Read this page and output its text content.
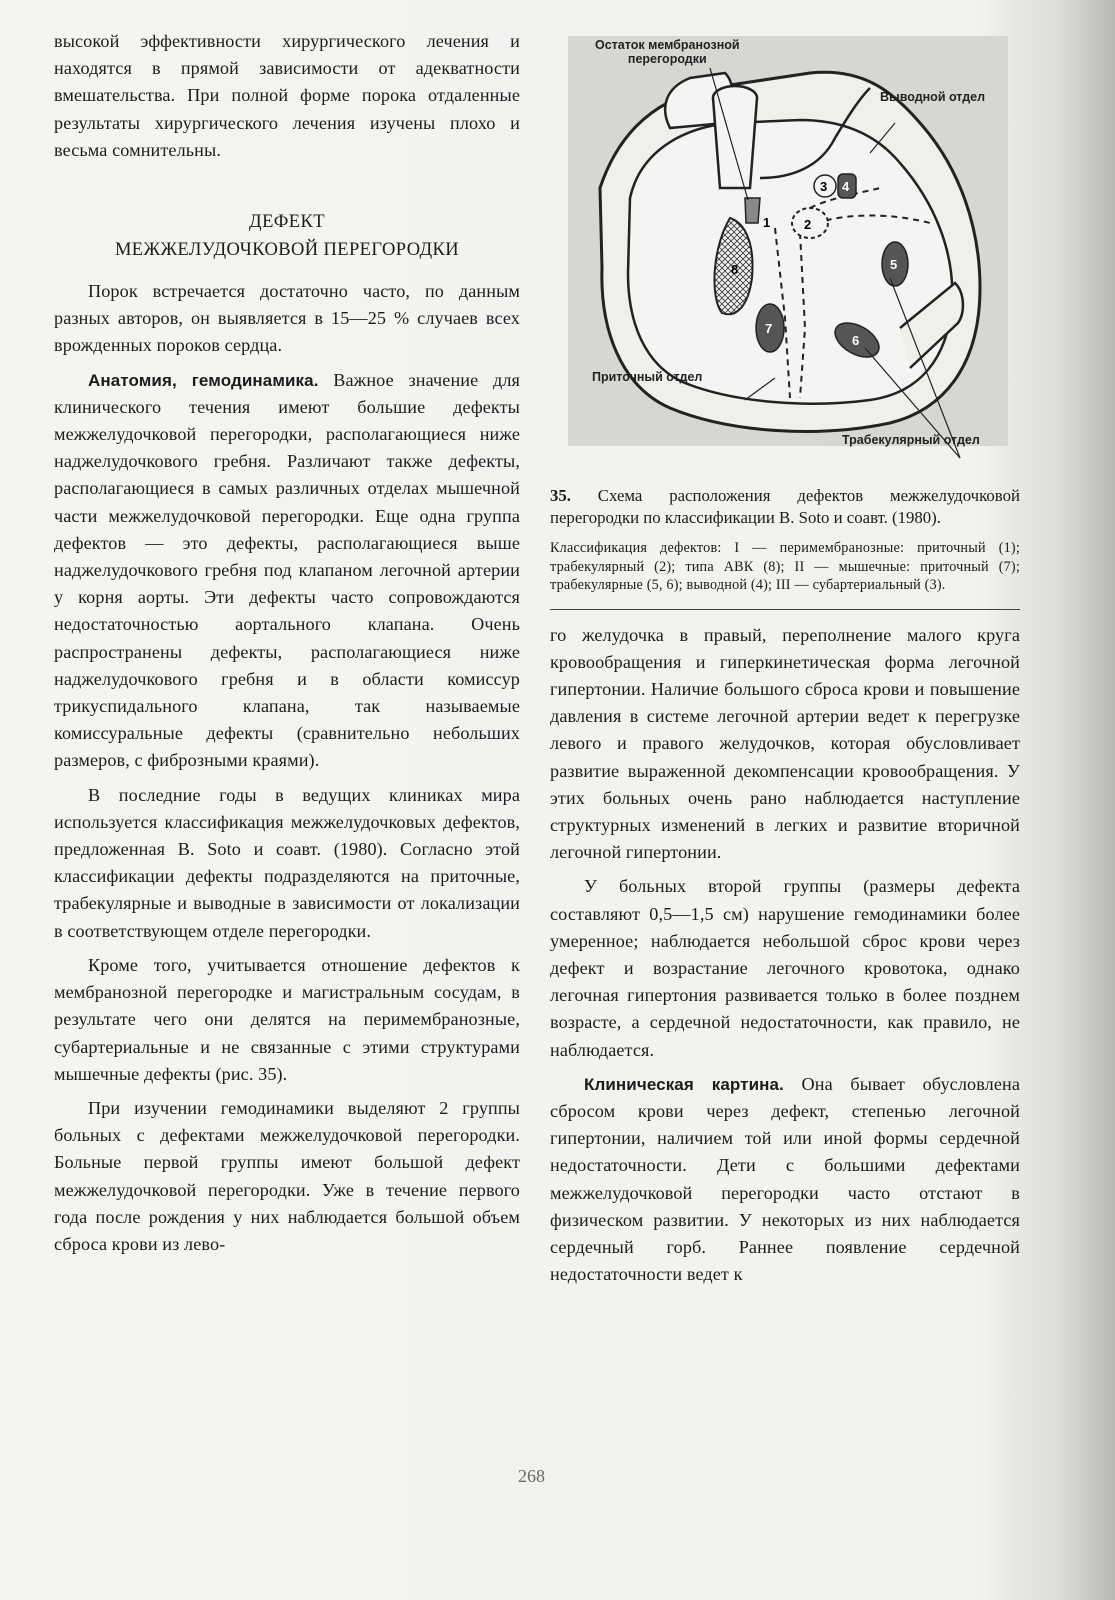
высокой эффективности хирургического лечения и находятся в прямой зависимости от адекватности вмешательства. При полной форме порока отдаленные результаты хирургического лечения изучены плохо и весьма сомнительны.

ДЕФЕКТ
МЕЖЖЕЛУДОЧКОВОЙ ПЕРЕГОРОДКИ

Порок встречается достаточно часто, по данным разных авторов, он выявляется в 15—25 % случаев всех врожденных пороков сердца.

Анатомия, гемодинамика. Важное значение для клинического течения имеют большие дефекты межжелудочковой перегородки, располагающиеся ниже наджелудочкового гребня. Различают также дефекты, располагающиеся в самых различных отделах мышечной части межжелудочковой перегородки. Еще одна группа дефектов — это дефекты, располагающиеся выше наджелудочкового гребня под клапаном легочной артерии у корня аорты. Эти дефекты часто сопровождаются недостаточностью аортального клапана. Очень распространены дефекты, располагающиеся ниже наджелудочкового гребня и в области комиссур трикуспидального клапана, так называемые комиссуральные дефекты (сравнительно небольших размеров, с фиброзными краями).

В последние годы в ведущих клиниках мира используется классификация межжелудочковых дефектов, предложенная B. Soto и соавт. (1980). Согласно этой классификации дефекты подразделяются на приточные, трабекулярные и выводные в зависимости от локализации в соответствующем отделе перегородки.

Кроме того, учитывается отношение дефектов к мембранозной перегородке и магистральным сосудам, в результате чего они делятся на перимембранозные, субартериальные и не связанные с этими структурами мышечные дефекты (рис. 35).

При изучении гемодинамики выделяют 2 группы больных с дефектами межжелудочковой перегородки. Больные первой группы имеют большой дефект межжелудочковой перегородки. Уже в течение первого года после рождения у них наблюдается большой объем сброса крови из лево-

2
1
3 4
5
6
7
8
Остаток мембранозной
перегородки
Выводной отдел
Приточный отдел
Трабекулярный отдел

35. Схема расположения дефектов межжелудочковой перегородки по классификации B. Soto и соавт. (1980).

Классификация дефектов: I — перимембранозные: приточный (1); трабекулярный (2); типа АВК (8); II — мышечные: приточный (7); трабекулярные (5, 6); выводной (4); III — субартериальный (3).

го желудочка в правый, переполнение малого круга кровообращения и гиперкинетическая форма легочной гипертонии. Наличие большого сброса крови и повышение давления в системе легочной артерии ведет к перегрузке левого и правого желудочков, которая обусловливает развитие выраженной декомпенсации кровообращения. У этих больных очень рано наблюдается наступление структурных изменений в легких и развитие вторичной легочной гипертонии.

У больных второй группы (размеры дефекта составляют 0,5—1,5 см) нарушение гемодинамики более умеренное; наблюдается небольшой сброс крови через дефект и возрастание легочного кровотока, однако легочная гипертония развивается только в более позднем возрасте, а сердечной недостаточности, как правило, не наблюдается.

Клиническая картина. Она бывает обусловлена сбросом крови через дефект, степенью легочной гипертонии, наличием той или иной формы сердечной недостаточности. Дети с большими дефектами межжелудочковой перегородки часто отстают в физическом развитии. У некоторых из них наблюдается сердечный горб. Раннее появление сердечной недостаточности ведет к

268
